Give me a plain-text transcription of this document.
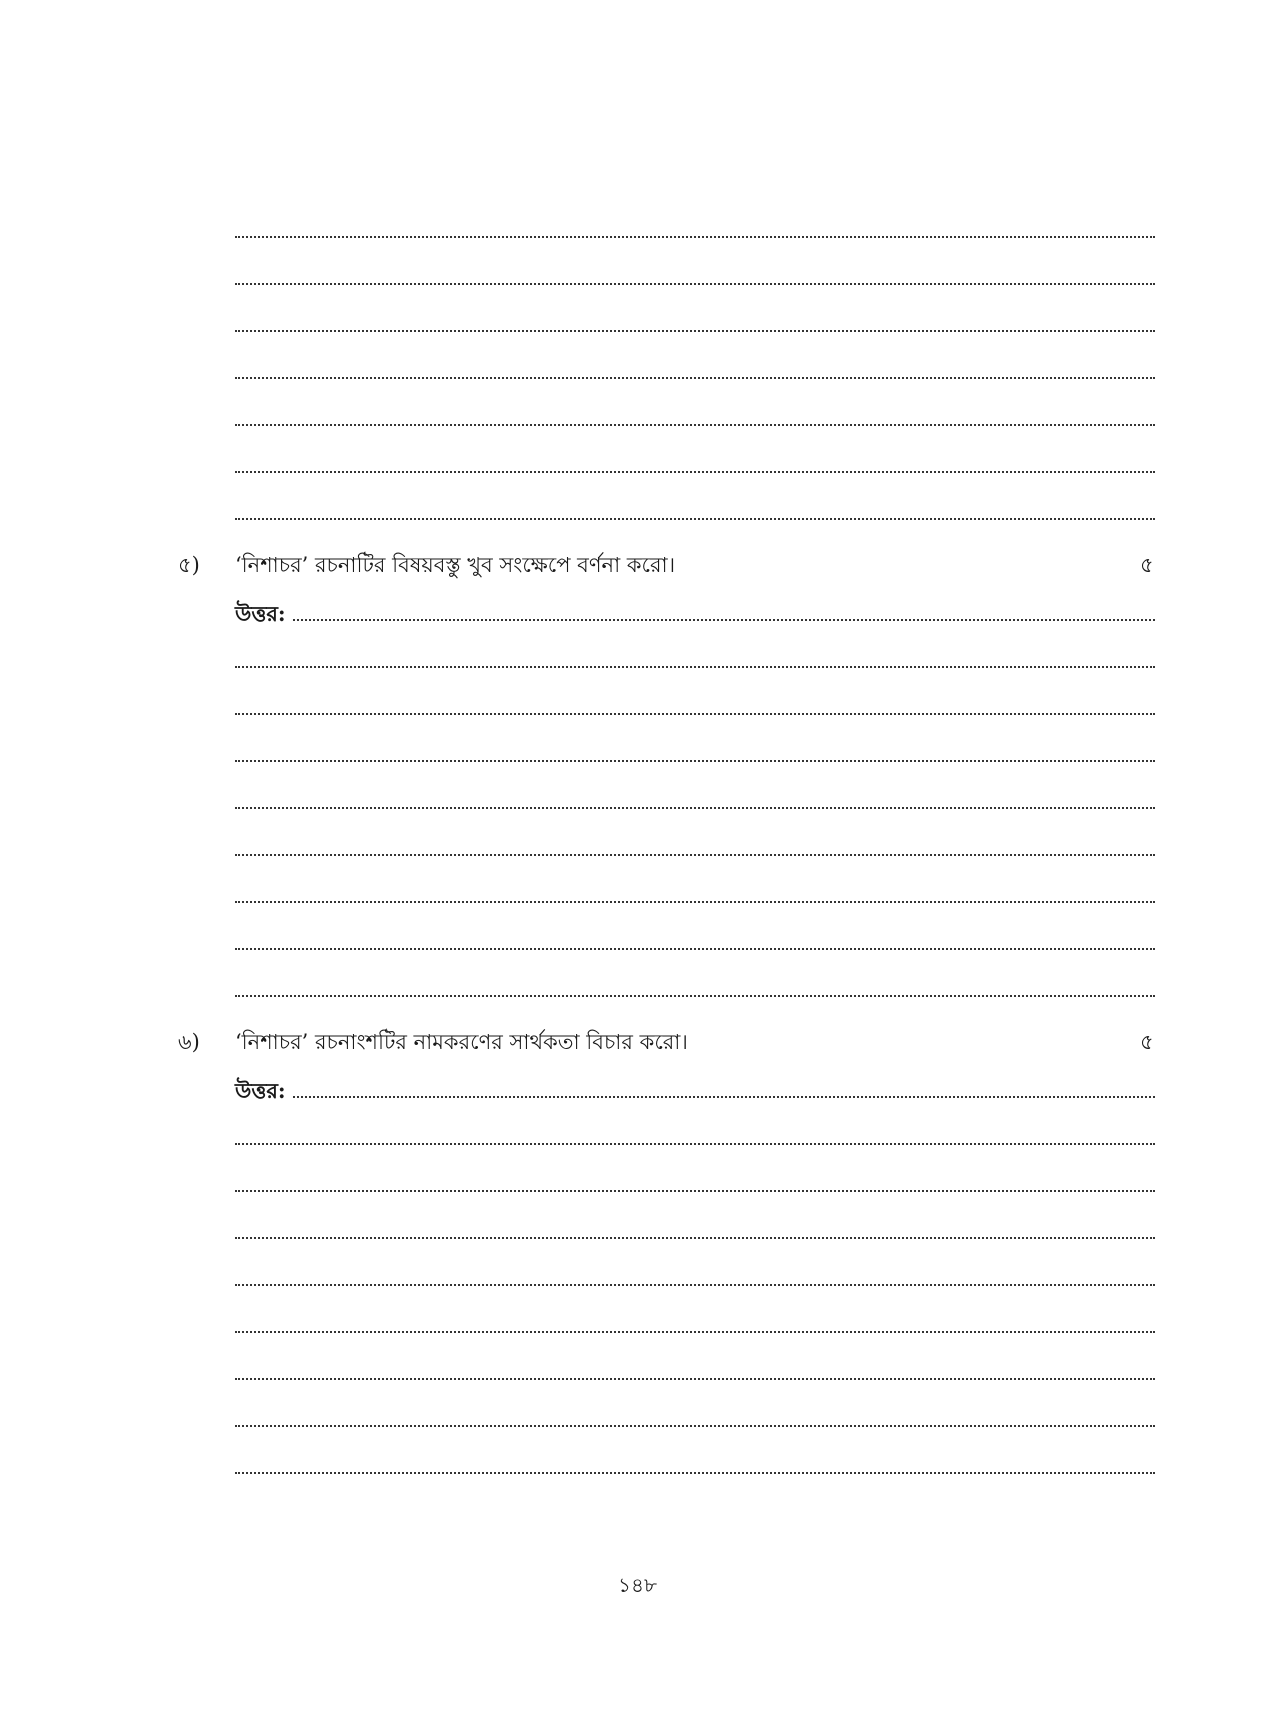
৫) ‘নিশাচর’ রচনাটির বিষয়বস্তু খুব সংক্ষেপে বর্ণনা করো।	৫
উত্তর:
৬) ‘নিশাচর’ রচনাংশটির নামকরণের সার্থকতা বিচার করো।	৫
উত্তর:
১৪৮
